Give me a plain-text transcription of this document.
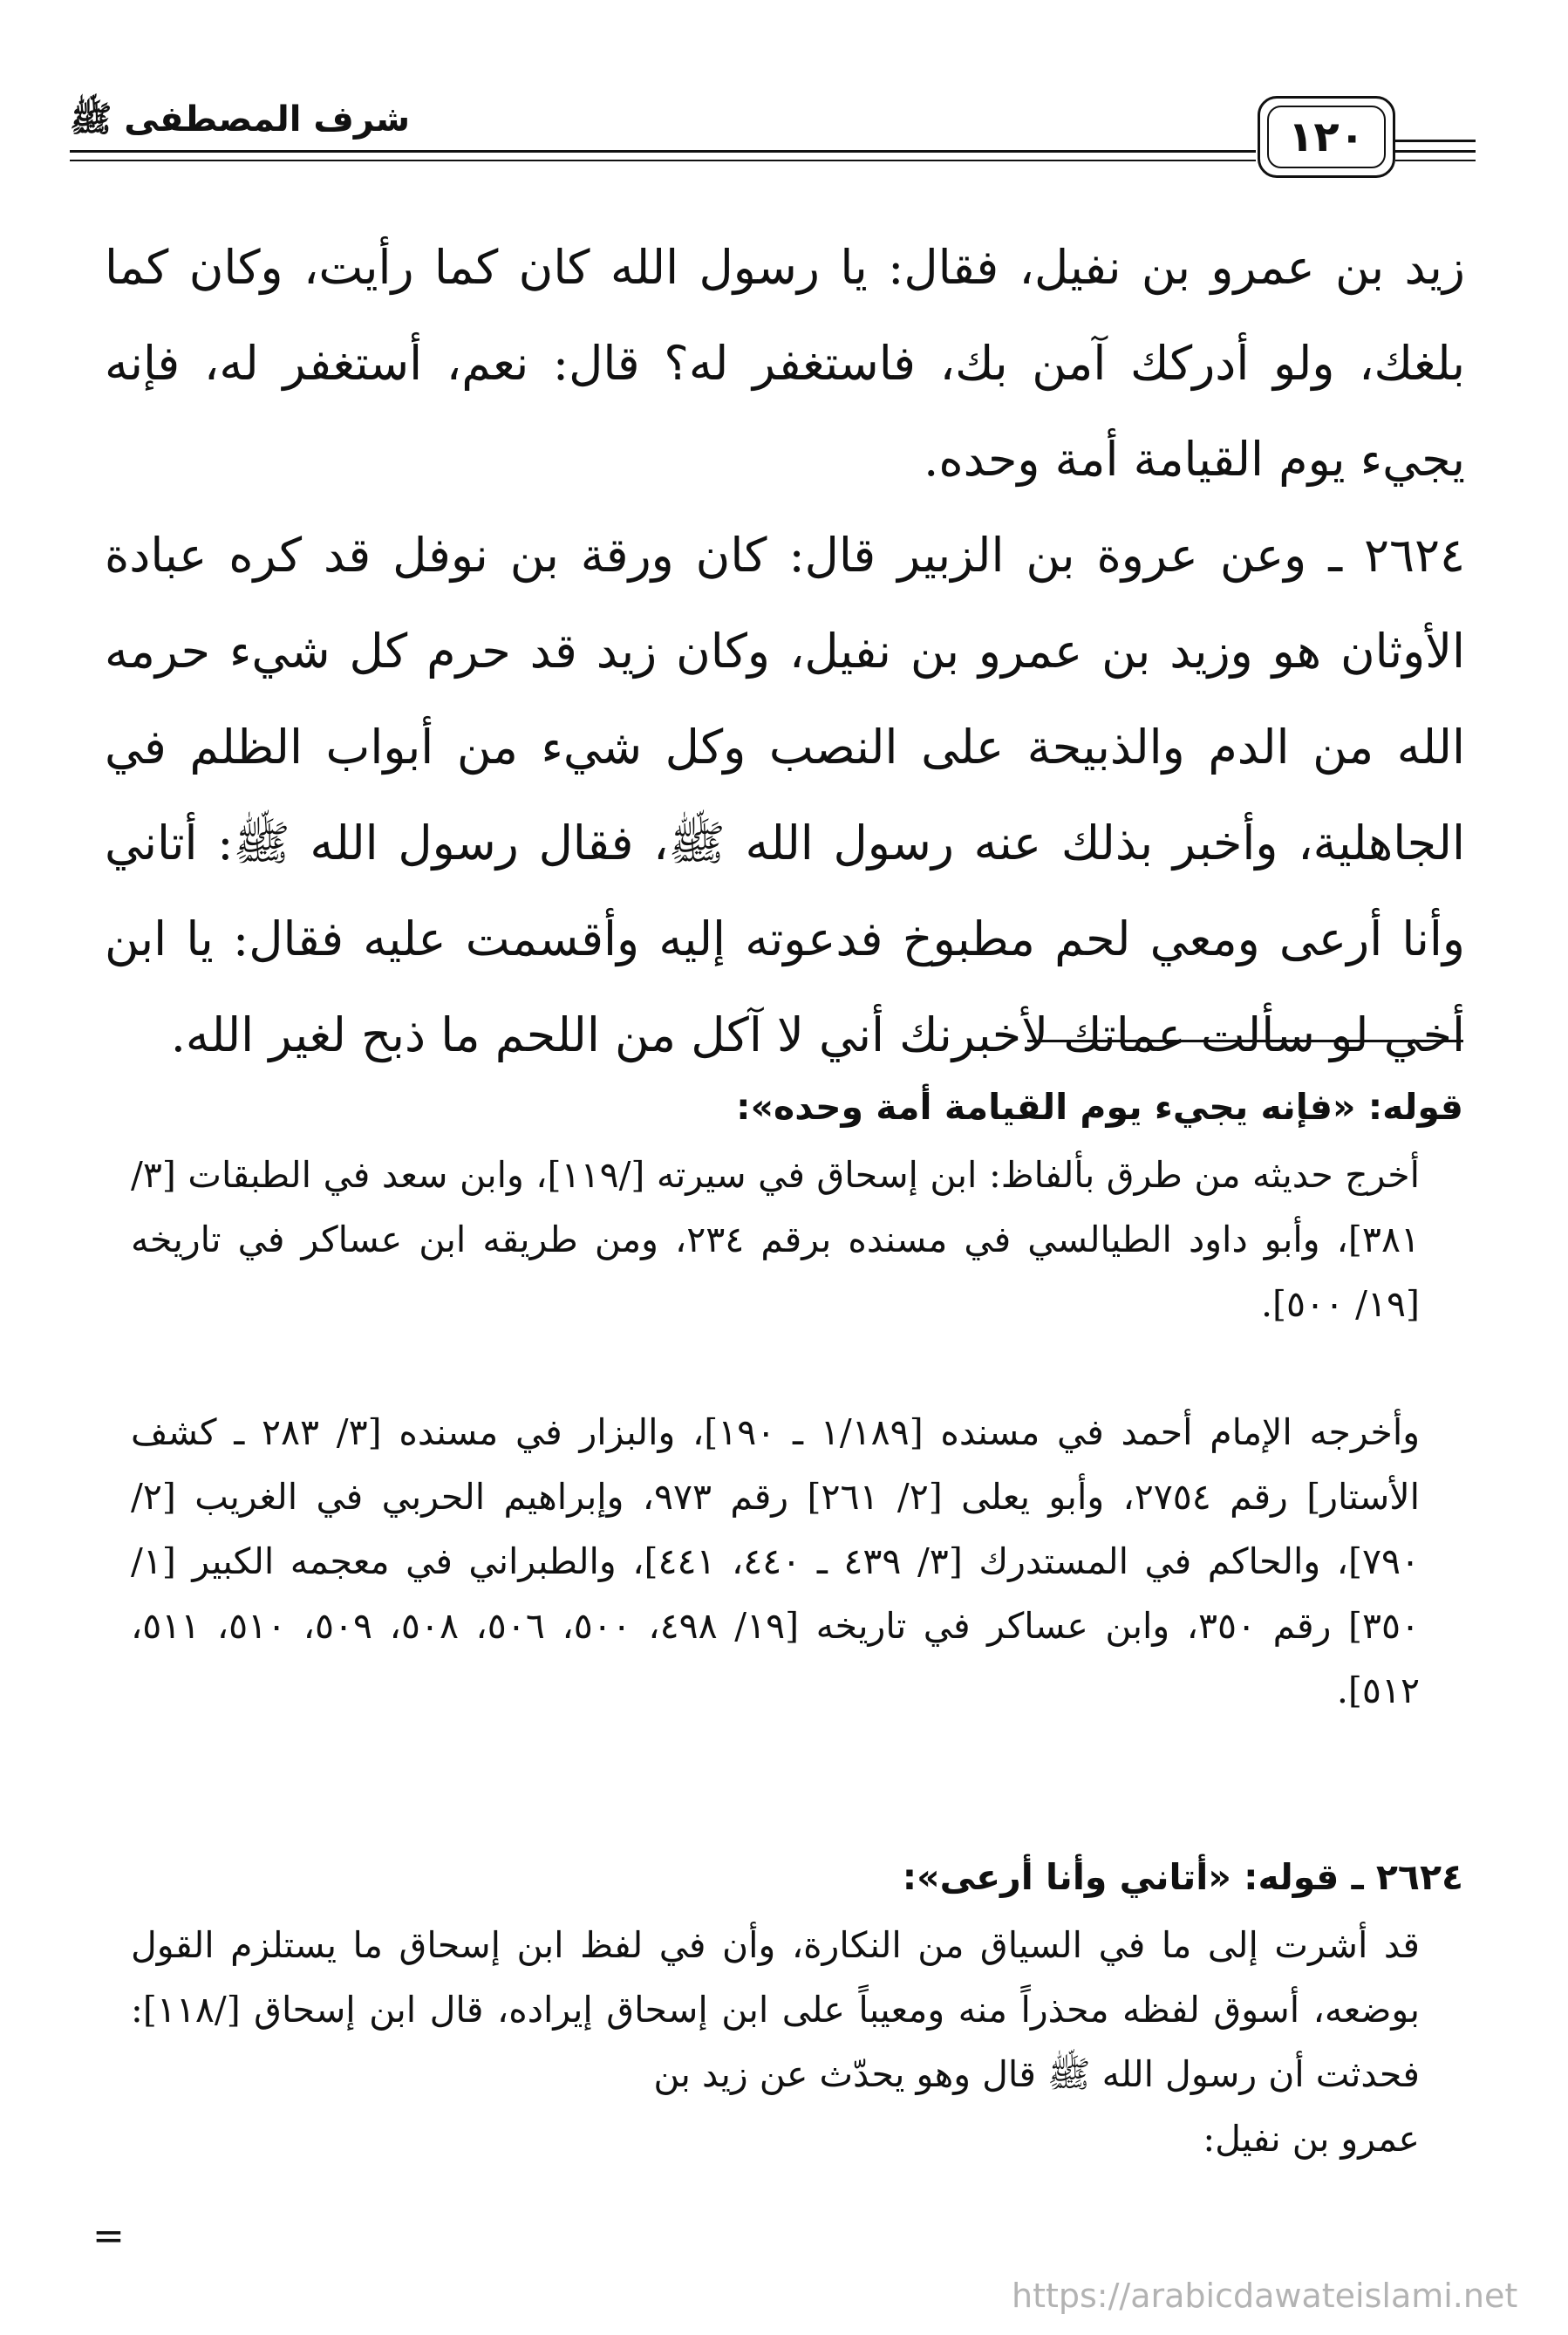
شرف المصطفى ﷺ	١٢٠

زيد بن عمرو بن نفيل، فقال: يا رسول الله كان كما رأيت، وكان كما بلغك، ولو أدركك آمن بك، فاستغفر له؟ قال: نعم، أستغفر له، فإنه يجيء يوم القيامة أمة وحده.

٢٦٢٤ ـ وعن عروة بن الزبير قال: كان ورقة بن نوفل قد كره عبادة الأوثان هو وزيد بن عمرو بن نفيل، وكان زيد قد حرم كل شيء حرمه الله من الدم والذبيحة على النصب وكل شيء من أبواب الظلم في الجاهلية، وأخبر بذلك عنه رسول الله ﷺ، فقال رسول الله ﷺ: أتاني وأنا أرعى ومعي لحم مطبوخ فدعوته إليه وأقسمت عليه فقال: يا ابن أخي لو سألت عماتك لأخبرنك أني لا آكل من اللحم ما ذبح لغير الله.

قوله: «فإنه يجيء يوم القيامة أمة وحده»:

أخرج حديثه من طرق بألفاظ: ابن إسحاق في سيرته [/١١٩]، وابن سعد في الطبقات [٣/ ٣٨١]، وأبو داود الطيالسي في مسنده برقم ٢٣٤، ومن طريقه ابن عساكر في تاريخه [١٩/ ٥٠٠].

وأخرجه الإمام أحمد في مسنده [١/١٨٩ ـ ١٩٠]، والبزار في مسنده [٣/ ٢٨٣ ـ كشف الأستار] رقم ٢٧٥٤، وأبو يعلى [٢/ ٢٦١] رقم ٩٧٣، وإبراهيم الحربي في الغريب [٢/ ٧٩٠]، والحاكم في المستدرك [٣/ ٤٣٩ ـ ٤٤٠، ٤٤١]، والطبراني في معجمه الكبير [١/ ٣٥٠] رقم ٣٥٠، وابن عساكر في تاريخه [١٩/ ٤٩٨، ٥٠٠، ٥٠٦، ٥٠٨، ٥٠٩، ٥١٠، ٥١١، ٥١٢].

٢٦٢٤ ـ قوله: «أتاني وأنا أرعى»:

قد أشرت إلى ما في السياق من النكارة، وأن في لفظ ابن إسحاق ما يستلزم القول بوضعه، أسوق لفظه محذراً منه ومعيباً على ابن إسحاق إيراده، قال ابن إسحاق [/١١٨]: فحدثت أن رسول الله ﷺ قال وهو يحدّث عن زيد بن
عمرو بن نفيل:

=
https://arabicdawateislami.net
